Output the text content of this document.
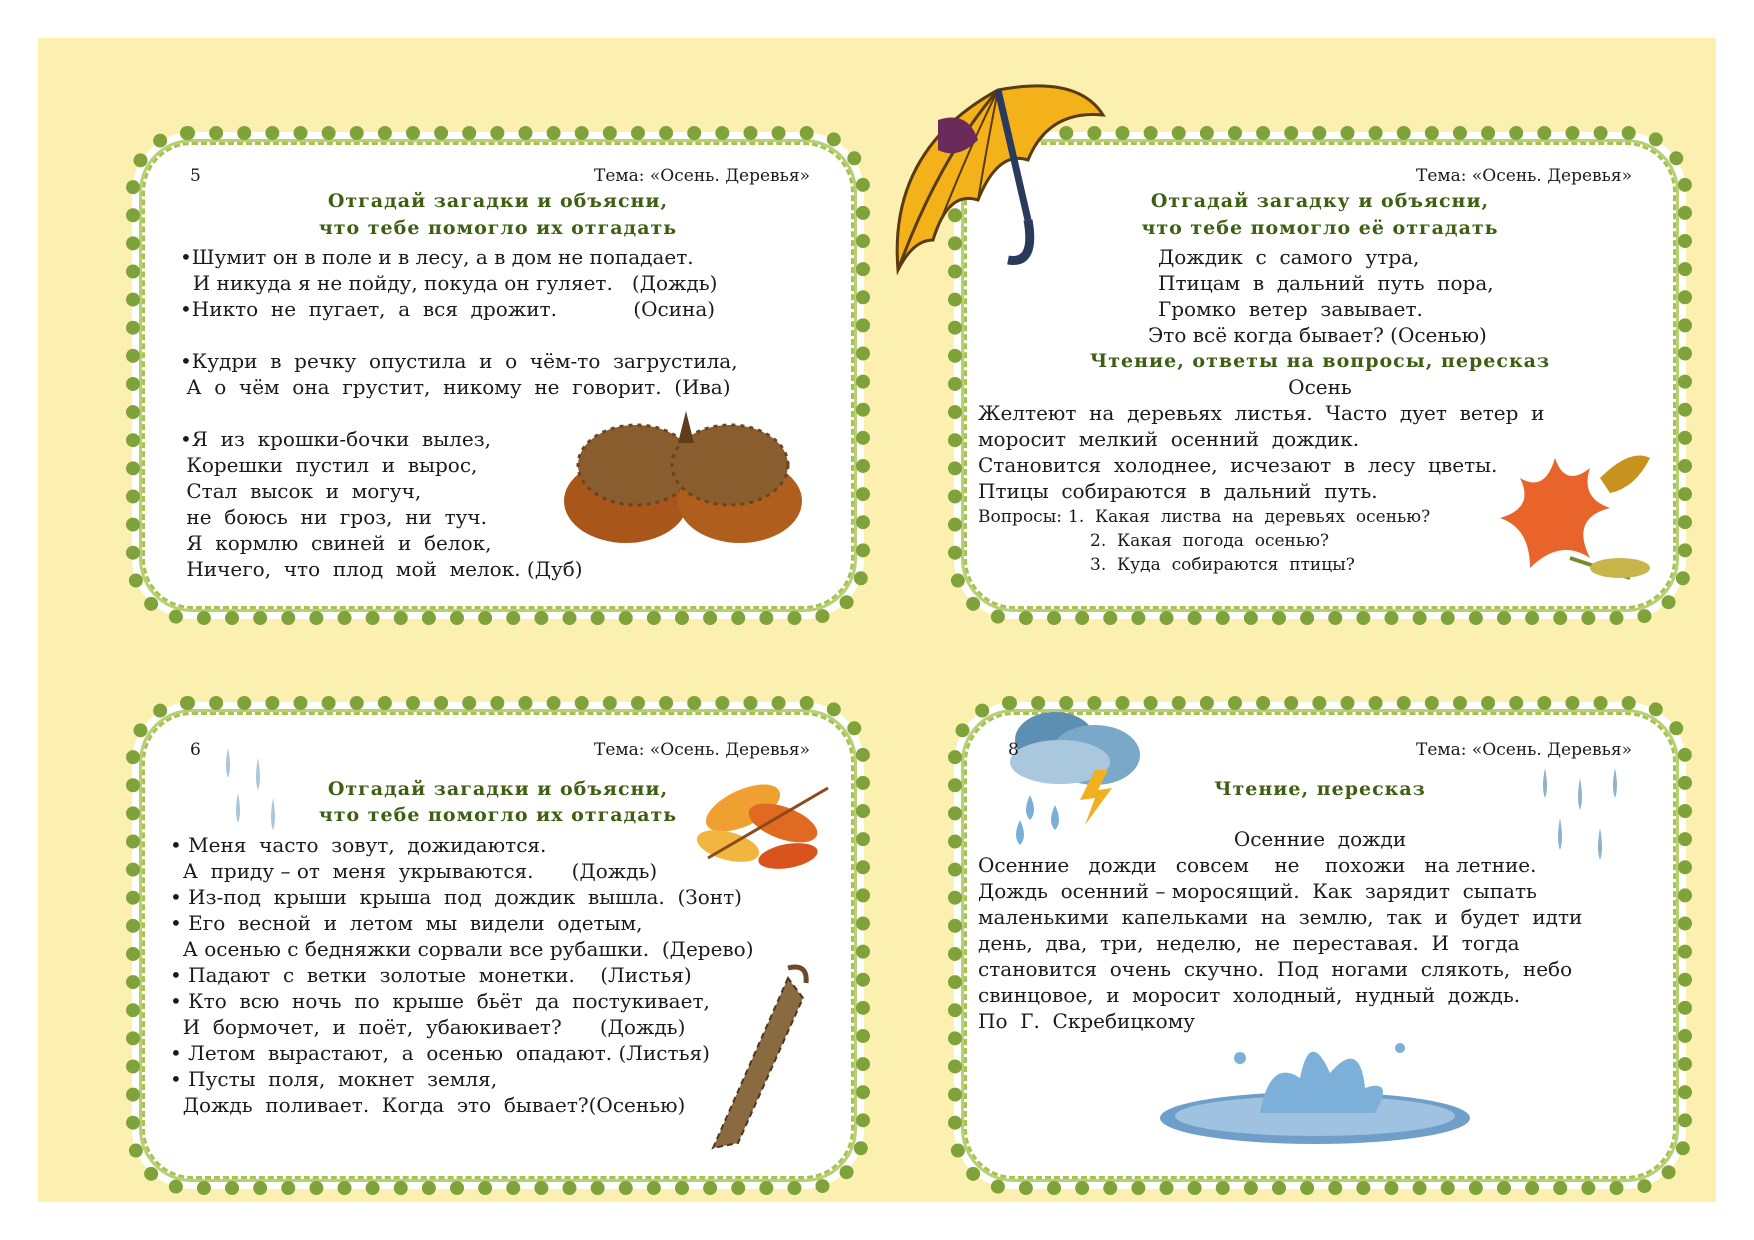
5	Тема: «Осень. Деревья»
Отгадай загадки и объясни,
что тебе помогло их отгадать
•Шумит он в поле и в лесу, а в дом не попадает.
И никуда я не пойду, покуда он гуляет.   (Дождь)
•Никто  не  пугает,  а  вся  дрожит.            (Осина)
•Кудри  в  речку  опустила  и  о  чём-то  загрустила,
А  о  чём  она  грустит,  никому  не  говорит.  (Ива)
•Я  из  крошки-бочки  вылез,
Корешки  пустил  и  вырос,
Стал  высок  и  могуч,
не  боюсь  ни  гроз,  ни  туч.
Я  кормлю  свиней  и  белок,
Ничего,  что  плод  мой  мелок. (Дуб)
Тема: «Осень. Деревья»
Отгадай загадку и объясни,
что тебе помогло её отгадать
Дождик  с  самого  утра,
Птицам  в  дальний  путь  пора,
Громко  ветер  завывает.
Это всё когда бывает? (Осенью)
Чтение, ответы на вопросы, пересказ
Осень
Желтеют  на  деревьях  листья.  Часто  дует  ветер  и
моросит  мелкий  осенний  дождик.
Становится  холоднее,  исчезают  в  лесу  цветы.
Птицы  собираются  в  дальний  путь.
Вопросы: 1.  Какая  листва  на  деревьях  осенью?
2.  Какая  погода  осенью?
3.  Куда  собираются  птицы?
6	Тема: «Осень. Деревья»
Отгадай загадки и объясни,
что тебе помогло их отгадать
• Меня  часто  зовут,  дожидаются.
А  приду – от  меня  укрываются.      (Дождь)
• Из-под  крыши  крыша  под  дождик  вышла.  (Зонт)
• Его  весной  и  летом  мы  видели  одетым,
А осенью с бедняжки сорвали все рубашки.  (Дерево)
• Падают  с  ветки  золотые  монетки.    (Листья)
• Кто  всю  ночь  по  крыше  бьёт  да  постукивает,
И  бормочет,  и  поёт,  убаюкивает?      (Дождь)
• Летом  вырастают,  а  осенью  опадают. (Листья)
• Пусты  поля,  мокнет  земля,
Дождь  поливает.  Когда  это  бывает?(Осенью)
8	Тема: «Осень. Деревья»
Чтение, пересказ
Осенние  дожди
Осенние   дожди   совсем    не    похожи   на летние.
Дождь  осенний – моросящий.  Как  зарядит  сыпать
маленькими  капельками  на  землю,  так  и  будет  идти
день,  два,  три,  неделю,  не  переставая.  И  тогда
становится  очень  скучно.  Под  ногами  слякоть,  небо
свинцовое,  и  моросит  холодный,  нудный  дождь.
По  Г.  Скребицкому
